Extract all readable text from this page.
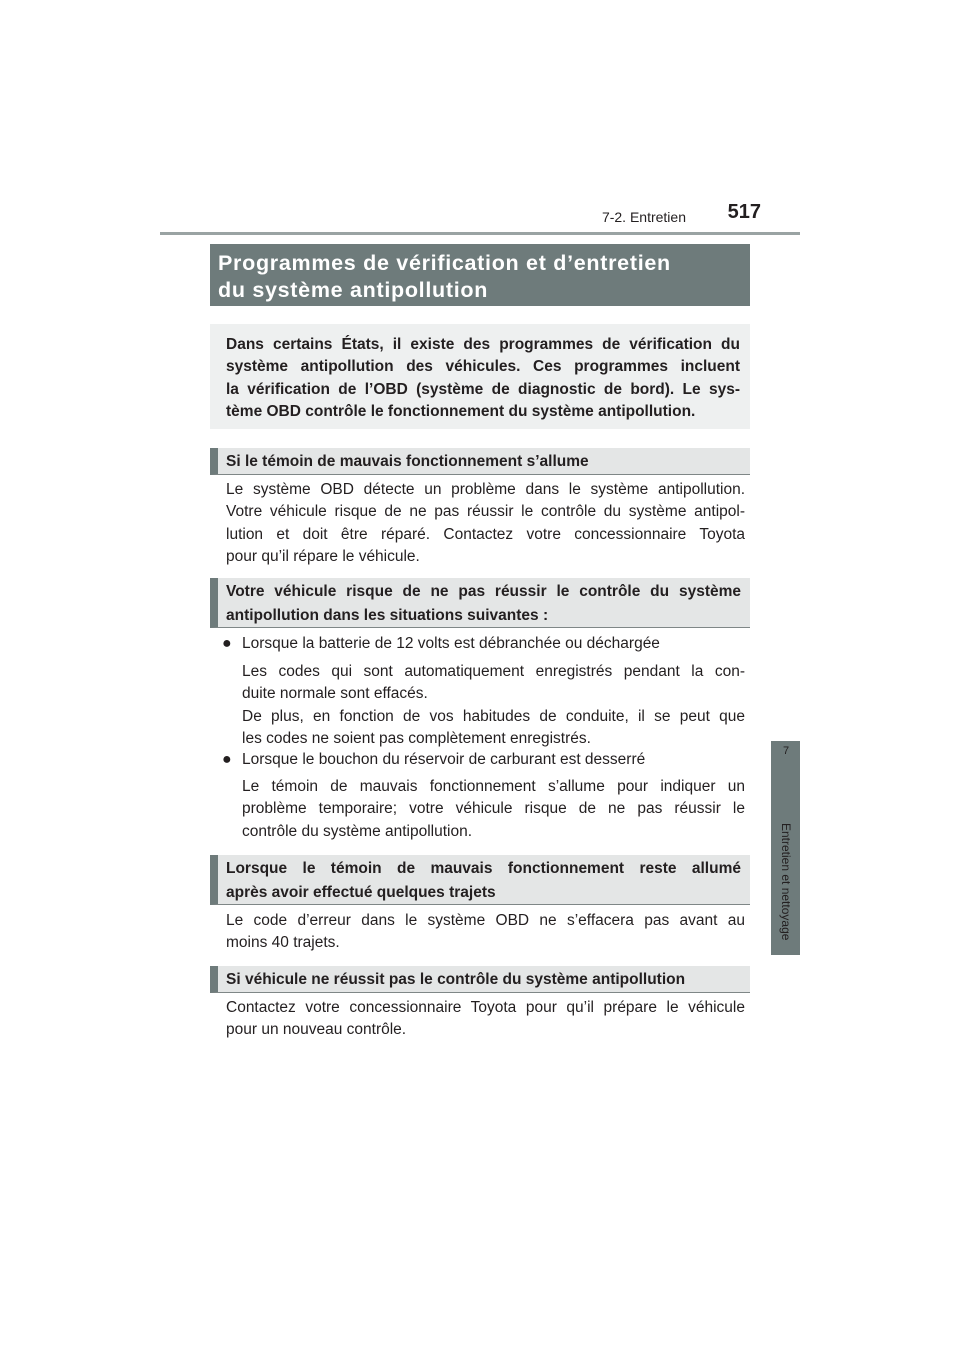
517
7-2. Entretien
7
Entretien et nettoyage
Programmes de vérification et d’entretien
du système antipollution
Dans certains États, il existe des programmes de vérification du
système antipollution des véhicules. Ces programmes incluent
la vérification de l’OBD (système de diagnostic de bord). Le sys-
tème OBD contrôle le fonctionnement du système antipollution.
Si le témoin de mauvais fonctionnement s’allume
Le système OBD détecte un problème dans le système antipollution.
Votre véhicule risque de ne pas réussir le contrôle du système antipol-
lution et doit être réparé. Contactez votre concessionnaire Toyota
pour qu’il répare le véhicule.
Votre véhicule risque de ne pas réussir le contrôle du système
antipollution dans les situations suivantes :
● Lorsque la batterie de 12 volts est débranchée ou déchargée
Les codes qui sont automatiquement enregistrés pendant la con-
duite normale sont effacés.
De plus, en fonction de vos habitudes de conduite, il se peut que
les codes ne soient pas complètement enregistrés.
● Lorsque le bouchon du réservoir de carburant est desserré
Le témoin de mauvais fonctionnement s’allume pour indiquer un
problème temporaire; votre véhicule risque de ne pas réussir le
contrôle du système antipollution.
Lorsque le témoin de mauvais fonctionnement reste allumé
après avoir effectué quelques trajets
Le code d’erreur dans le système OBD ne s’effacera pas avant au
moins 40 trajets.
Si véhicule ne réussit pas le contrôle du système antipollution
Contactez votre concessionnaire Toyota pour qu’il prépare le véhicule
pour un nouveau contrôle.
